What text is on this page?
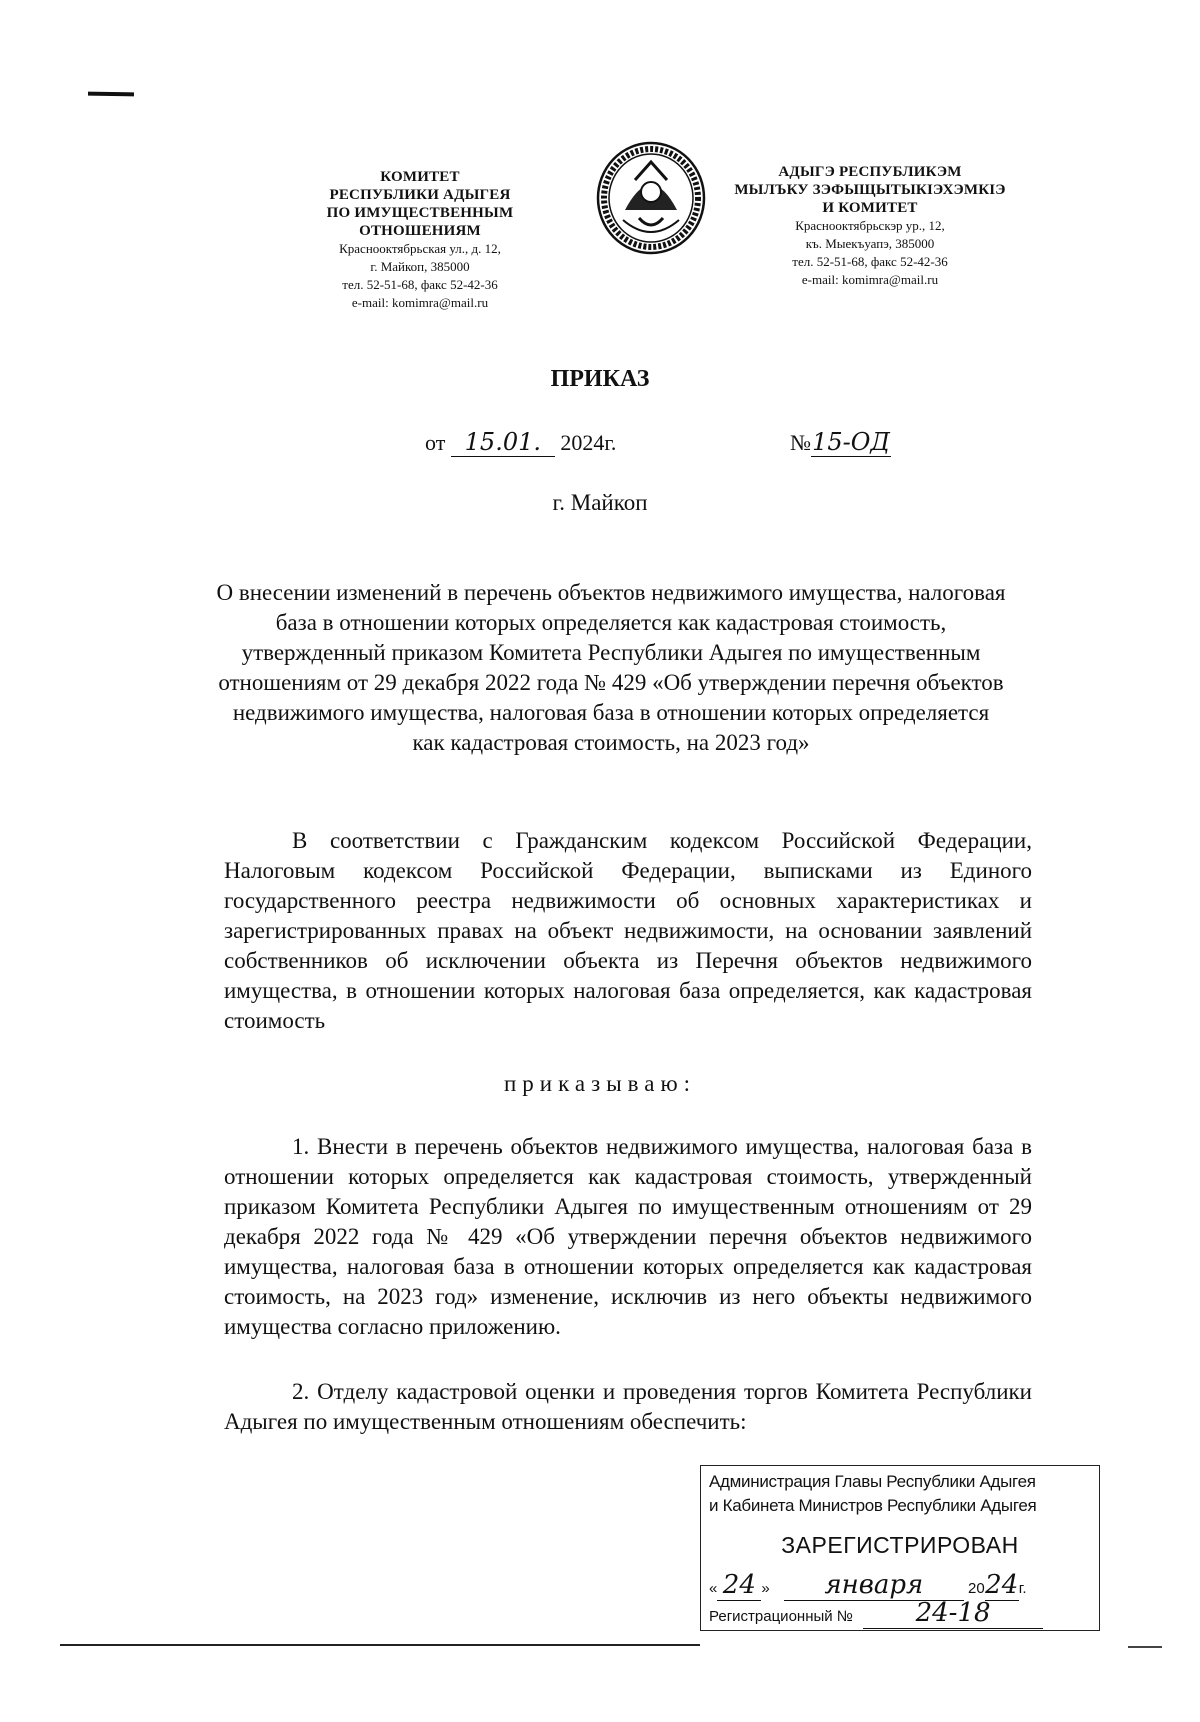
КОМИТЕТ
РЕСПУБЛИКИ АДЫГЕЯ
ПО ИМУЩЕСТВЕННЫМ ОТНОШЕНИЯМ
Краснооктябрьская ул., д. 12,
г. Майкоп, 385000
тел. 52-51-68, факс 52-42-36
e-mail: komimra@mail.ru
АДЫГЭ РЕСПУБЛИКЭМ
МЫЛЪКУ ЗЭФЫЩЫТЫКІЭХЭМКІЭ
И КОМИТЕТ
Краснооктябрьскэр ур., 12,
къ. Мыекъуапэ, 385000
тел. 52-51-68, факс 52-42-36
e-mail: komimra@mail.ru
ПРИКАЗ
от 15.01. 2024г.	№15-ОД
г. Майкоп
О внесении изменений в перечень объектов недвижимого имущества, налоговая база в отношении которых определяется как кадастровая стоимость, утвержденный приказом Комитета Республики Адыгея по имущественным отношениям от 29 декабря 2022 года № 429 «Об утверждении перечня объектов недвижимого имущества, налоговая база в отношении которых определяется как кадастровая стоимость, на 2023 год»
В соответствии с Гражданским кодексом Российской Федерации, Налоговым кодексом Российской Федерации, выписками из Единого государственного реестра недвижимости об основных характеристиках и зарегистрированных правах на объект недвижимости, на основании заявлений собственников об исключении объекта из Перечня объектов недвижимого имущества, в отношении которых налоговая база определяется, как кадастровая стоимость
приказываю:
1. Внести в перечень объектов недвижимого имущества, налоговая база в отношении которых определяется как кадастровая стоимость, утвержденный приказом Комитета Республики Адыгея по имущественным отношениям от 29 декабря 2022 года № 429 «Об утверждении перечня объектов недвижимого имущества, налоговая база в отношении которых определяется как кадастровая стоимость, на 2023 год» изменение, исключив из него объекты недвижимого имущества согласно приложению.
2. Отделу кадастровой оценки и проведения торгов Комитета Республики Адыгея по имущественным отношениям обеспечить:
Администрация Главы Республики Адыгея
и Кабинета Министров Республики Адыгея
ЗАРЕГИСТРИРОВАН
« 24 » января	2024г.
Регистрационный № 24-18
